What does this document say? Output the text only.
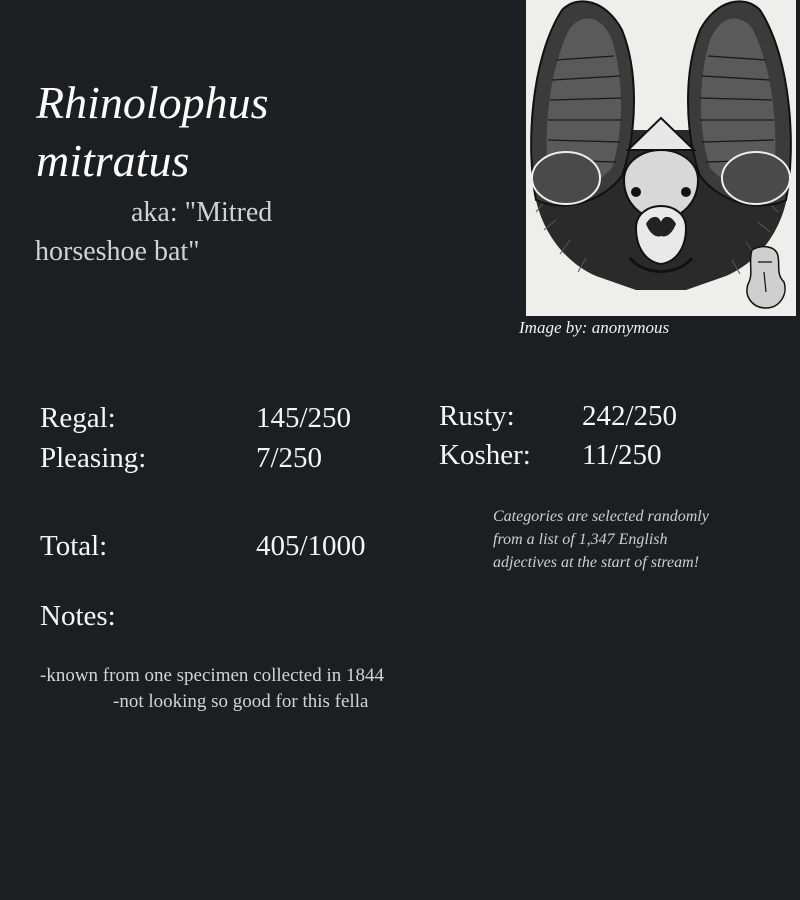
Rhinolophus mitratus
aka: "Mitred horseshoe bat"
Image by: anonymous
Regal:	145/250
Pleasing:	7/250
Rusty: 242/250
Kosher: 11/250
Total:	405/1000
Categories are selected randomly from a list of 1,347 English adjectives at the start of stream!
Notes:
-known from one specimen collected in 1844
-not looking so good for this fella
